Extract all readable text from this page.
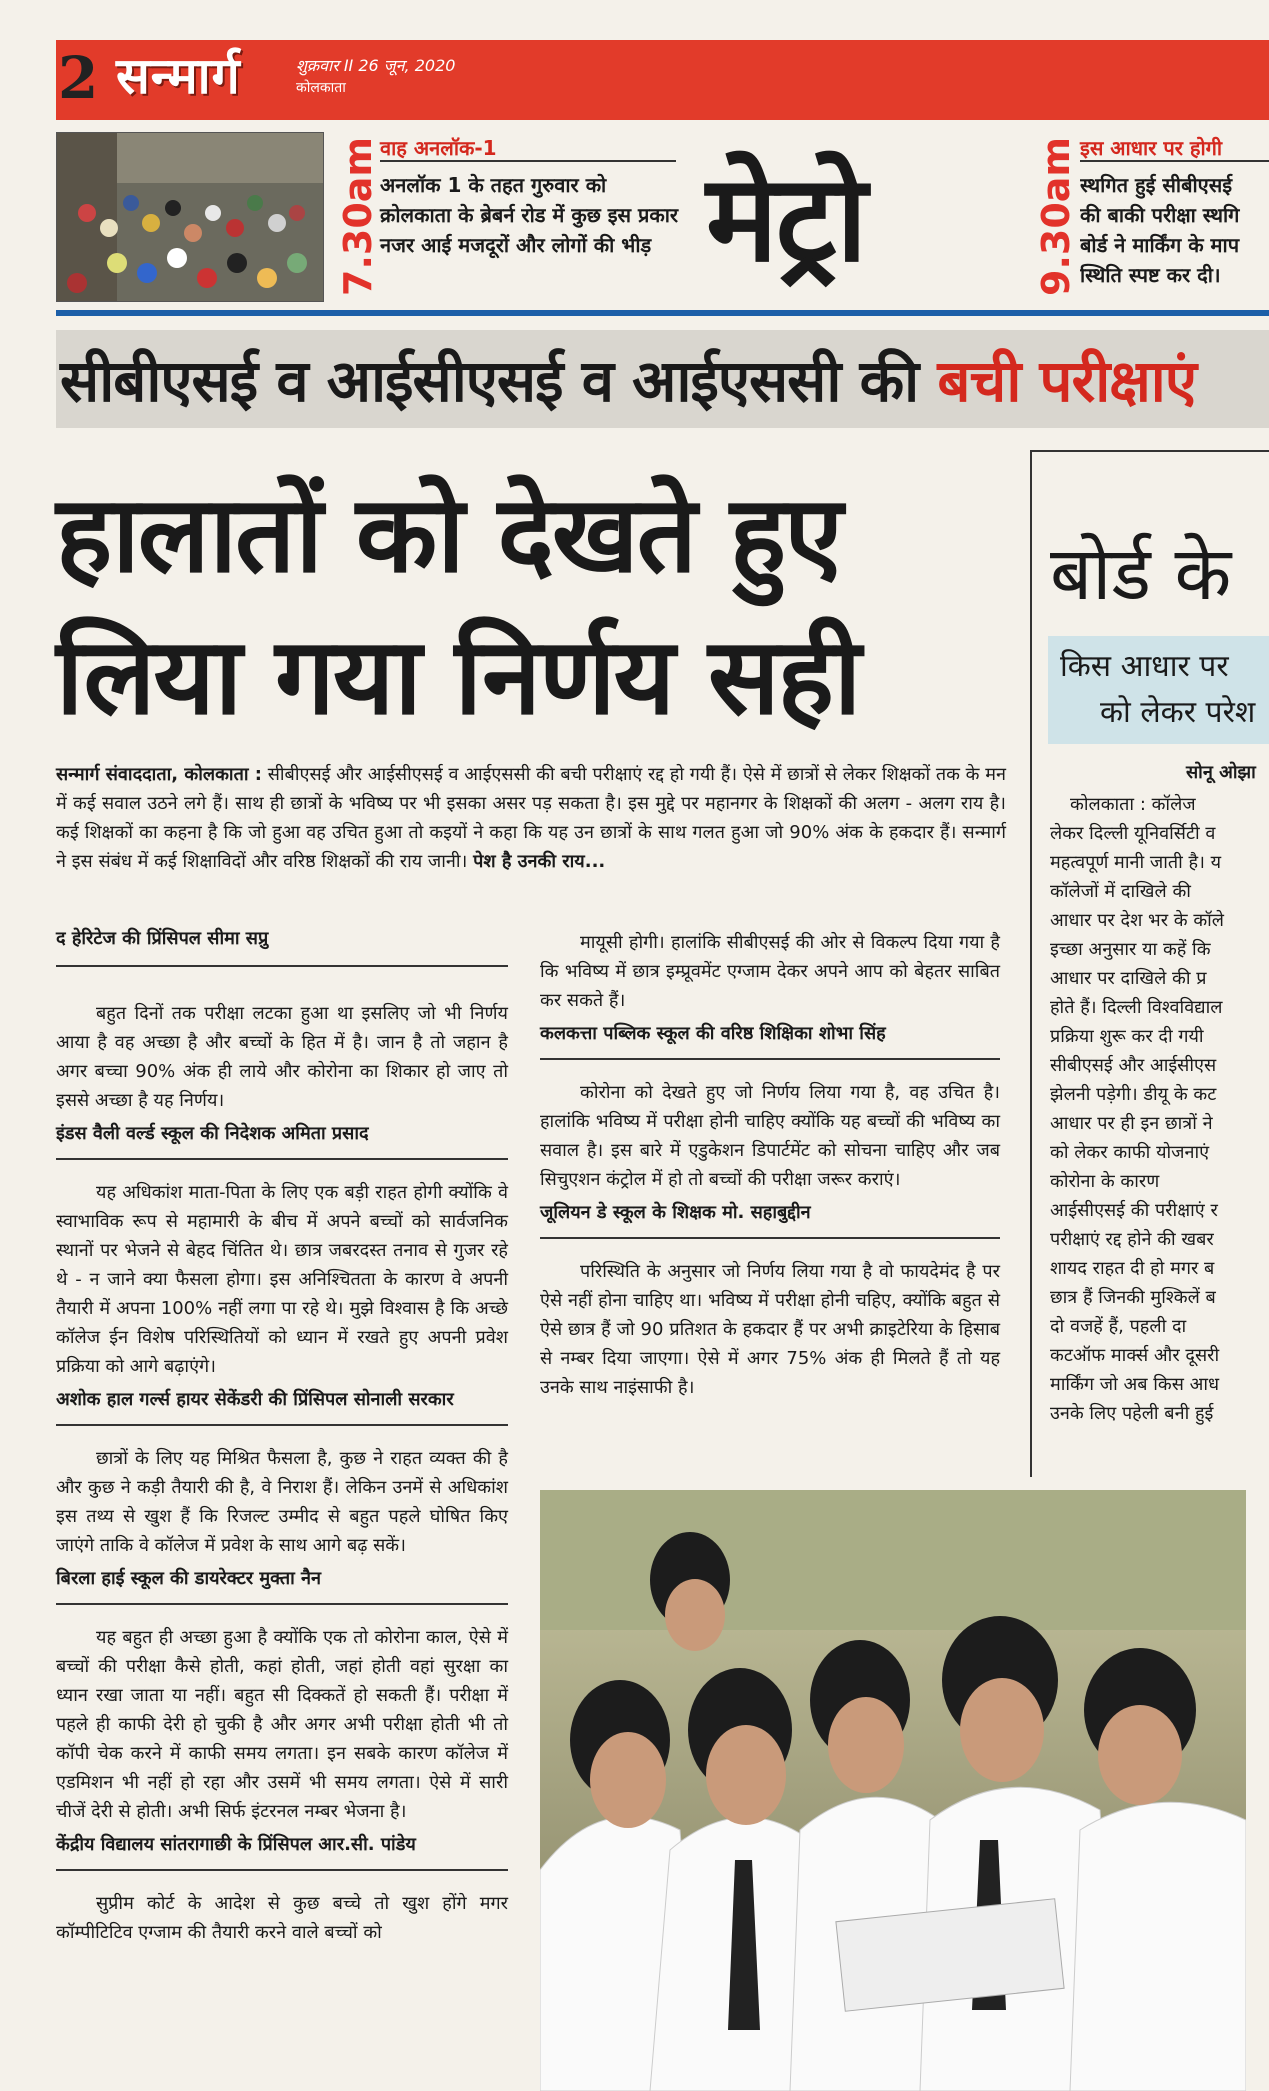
2 सन्मार्ग	शुक्रवार II 26 जून, 2020
कोलकाता
7.30am वाह अनलॉक-1
अनलॉक 1 के तहत गुरुवार को क्रोलकाता के ब्रेबर्न रोड में कुछ इस प्रकार नजर आई मजदूरों और लोगों की भीड़ मेट्रो	9.30am इस आधार पर होगी
स्थगित हुई सीबीएसई
की बाकी परीक्षा स्थगि
बोर्ड ने मार्किंग के माप
स्थिति स्पष्ट कर दी।
सीबीएसई व आईसीएसई व आईएससी की बची परीक्षाएं
हालातों को देखते हुए
लिया गया निर्णय सही
बोर्ड के
किस आधार पर
को लेकर परेश
सोनू ओझा

कोलकाता : कॉलेज

लेकर दिल्ली यूनिवर्सिटी व

महत्वपूर्ण मानी जाती है। य

कॉलेजों में दाखिले की

आधार पर देश भर के कॉले

इच्छा अनुसार या कहें कि

आधार पर दाखिले की प्र

होते हैं। दिल्ली विश्वविद्याल

प्रक्रिया शुरू कर दी गयी

सीबीएसई और आईसीएस

झेलनी पड़ेगी। डीयू के कट

आधार पर ही इन छात्रों ने

को लेकर काफी योजनाएं

कोरोना के कारण

आईसीएसई की परीक्षाएं र

परीक्षाएं रद्द होने की खबर

शायद राहत दी हो मगर ब

छात्र हैं जिनकी मुश्किलें ब

दो वजहें हैं, पहली दा

कटऑफ मार्क्स और दूसरी

मार्किंग जो अब किस आध

उनके लिए पहेली बनी हुई

सन्मार्ग संवाददाता, कोलकाता : सीबीएसई और आईसीएसई व आईएससी की बची परीक्षाएं रद्द हो गयी हैं। ऐसे में छात्रों से लेकर शिक्षकों तक के मन में कई सवाल उठने लगे हैं। साथ ही छात्रों के भविष्य पर भी इसका असर पड़ सकता है। इस मुद्दे पर महानगर के शिक्षकों की अलग - अलग राय है। कई शिक्षकों का कहना है कि जो हुआ वह उचित हुआ तो कइयों ने कहा कि यह उन छात्रों के साथ गलत हुआ जो 90% अंक के हकदार हैं। सन्मार्ग ने इस संबंध में कई शिक्षाविदों और वरिष्ठ शिक्षकों की राय जानी। पेश है उनकी राय...
द हेरिटेज की प्रिंसिपल सीमा सप्रु

बहुत दिनों तक परीक्षा लटका हुआ था इसलिए जो भी निर्णय आया है वह अच्छा है और बच्चों के हित में है। जान है तो जहान है अगर बच्चा 90% अंक ही लाये और कोरोना का शिकार हो जाए तो इससे अच्छा है यह निर्णय।

इंडस वैली वर्ल्ड स्कूल की निदेशक अमिता प्रसाद

यह अधिकांश माता-पिता के लिए एक बड़ी राहत होगी क्योंकि वे स्वाभाविक रूप से महामारी के बीच में अपने बच्चों को सार्वजनिक स्थानों पर भेजने से बेहद चिंतित थे। छात्र जबरदस्त तनाव से गुजर रहे थे - न जाने क्या फैसला होगा। इस अनिश्चितता के कारण वे अपनी तैयारी में अपना 100% नहीं लगा पा रहे थे। मुझे विश्वास है कि अच्छे कॉलेज ईन विशेष परिस्थितियों को ध्यान में रखते हुए अपनी प्रवेश प्रक्रिया को आगे बढ़ाएंगे।

अशोक हाल गर्ल्स हायर सेकेंडरी की प्रिंसिपल सोनाली सरकार

छात्रों के लिए यह मिश्रित फैसला है, कुछ ने राहत व्यक्त की है और कुछ ने कड़ी तैयारी की है, वे निराश हैं। लेकिन उनमें से अधिकांश इस तथ्य से खुश हैं कि रिजल्ट उम्मीद से बहुत पहले घोषित किए जाएंगे ताकि वे कॉलेज में प्रवेश के साथ आगे बढ़ सकें।

बिरला हाई स्कूल की डायरेक्टर मुक्ता नैन

यह बहुत ही अच्छा हुआ है क्योंकि एक तो कोरोना काल, ऐसे में बच्चों की परीक्षा कैसे होती, कहां होती, जहां होती वहां सुरक्षा का ध्यान रखा जाता या नहीं। बहुत सी दिक्कतें हो सकती हैं। परीक्षा में पहले ही काफी देरी हो चुकी है और अगर अभी परीक्षा होती भी तो कॉपी चेक करने में काफी समय लगता। इन सबके कारण कॉलेज में एडमिशन भी नहीं हो रहा और उसमें भी समय लगता। ऐसे में सारी चीजें देरी से होती। अभी सिर्फ इंटरनल नम्बर भेजना है।

केंद्रीय विद्यालय सांतरागाछी के प्रिंसिपल आर.सी. पांडेय

सुप्रीम कोर्ट के आदेश से कुछ बच्चे तो खुश होंगे मगर कॉम्पीटिटिव एग्जाम की तैयारी करने वाले बच्चों को

मायूसी होगी। हालांकि सीबीएसई की ओर से विकल्प दिया गया है कि भविष्य में छात्र इम्प्रूवमेंट एग्जाम देकर अपने आप को बेहतर साबित कर सकते हैं।

कलकत्ता पब्लिक स्कूल की वरिष्ठ शिक्षिका शोभा सिंह

कोरोना को देखते हुए जो निर्णय लिया गया है, वह उचित है। हालांकि भविष्य में परीक्षा होनी चाहिए क्योंकि यह बच्चों की भविष्य का सवाल है। इस बारे में एडुकेशन डिपार्टमेंट को सोचना चाहिए और जब सिचुएशन कंट्रोल में हो तो बच्चों की परीक्षा जरूर कराएं।

जूलियन डे स्कूल के शिक्षक मो. सहाबुद्दीन

परिस्थिति के अनुसार जो निर्णय लिया गया है वो फायदेमंद है पर ऐसे नहीं होना चाहिए था। भविष्य में परीक्षा होनी चहिए, क्योंकि बहुत से ऐसे छात्र हैं जो 90 प्रतिशत के हकदार हैं पर अभी क्राइटेरिया के हिसाब से नम्बर दिया जाएगा। ऐसे में अगर 75% अंक ही मिलते हैं तो यह उनके साथ नाइंसाफी है।
